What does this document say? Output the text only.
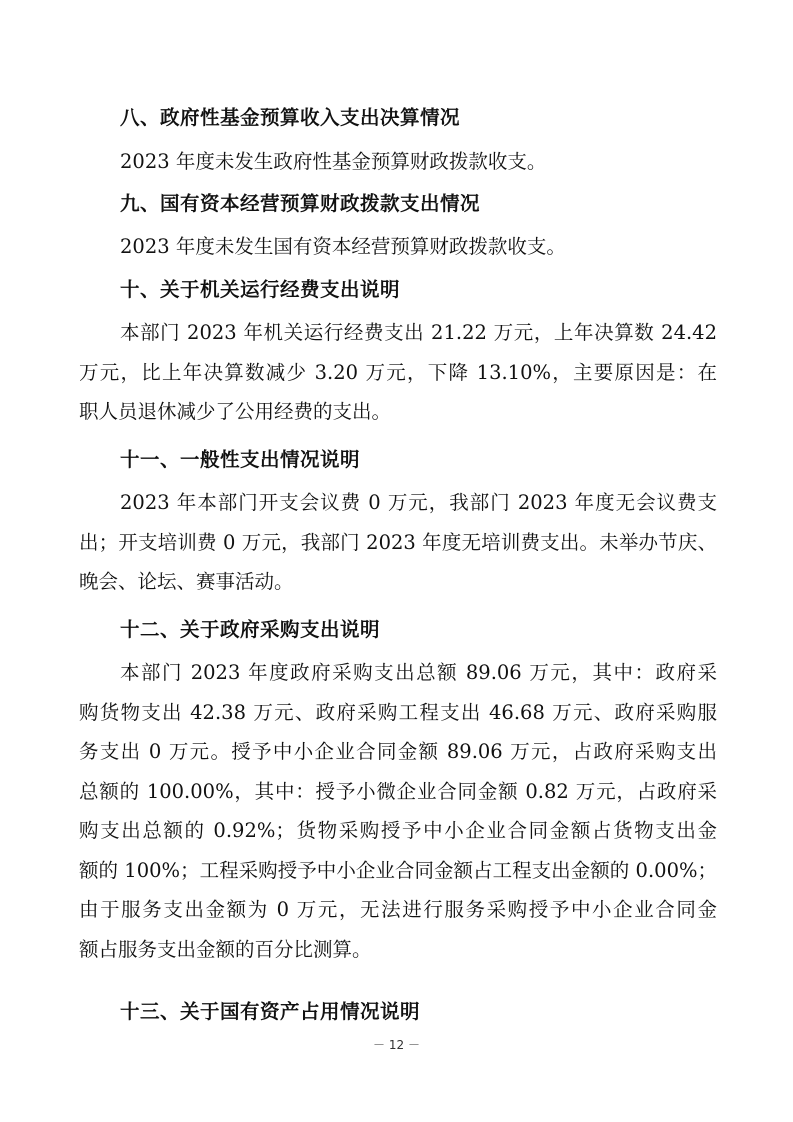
八、政府性基金预算收入支出决算情况
2023 年度未发生政府性基金预算财政拨款收支。
九、国有资本经营预算财政拨款支出情况
2023 年度未发生国有资本经营预算财政拨款收支。
十、关于机关运行经费支出说明
本部门 2023 年机关运行经费支出 21.22 万元，上年决算数 24.42
万元，比上年决算数减少 3.20 万元，下降 13.10%，主要原因是：在
职人员退休减少了公用经费的支出。
十一、一般性支出情况说明
2023 年本部门开支会议费 0 万元，我部门 2023 年度无会议费支
出；开支培训费 0 万元，我部门 2023 年度无培训费支出。未举办节庆、
晚会、论坛、赛事活动。
十二、关于政府采购支出说明
本部门 2023 年度政府采购支出总额 89.06 万元，其中：政府采
购货物支出 42.38 万元、政府采购工程支出 46.68 万元、政府采购服
务支出 0 万元。授予中小企业合同金额 89.06 万元，占政府采购支出
总额的 100.00%，其中：授予小微企业合同金额 0.82 万元，占政府采
购支出总额的 0.92%；货物采购授予中小企业合同金额占货物支出金
额的 100%；工程采购授予中小企业合同金额占工程支出金额的 0.00%；
由于服务支出金额为 0 万元，无法进行服务采购授予中小企业合同金
额占服务支出金额的百分比测算。
十三、关于国有资产占用情况说明
－ 12 －
